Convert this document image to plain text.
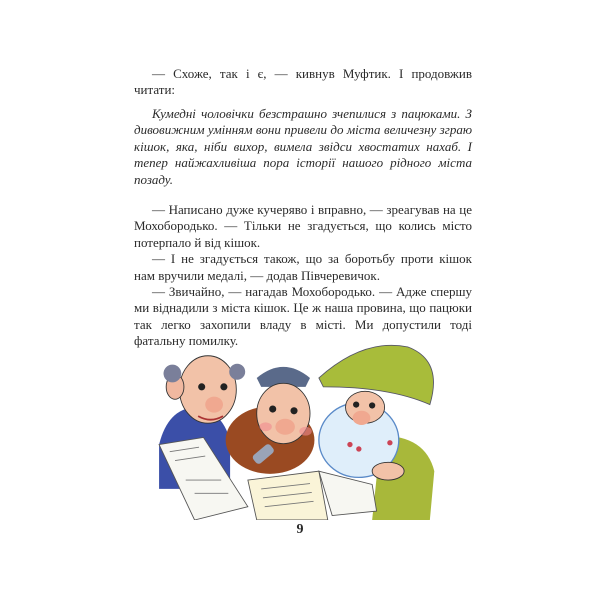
— Схоже, так і є, — кивнув Муфтик. І продовжив читати:

Кумедні чоловічки безстрашно зчепилися з пацюками. З дивовижним умінням вони привели до міста величезну зграю кішок, яка, ніби вихор, вимела звідси хвостатих нахаб. І тепер найжахливіша пора історії нашого рідного міста позаду.

— Написано дуже кучеряво і вправно, — зреагував на це Мохобородько. — Тільки не згадується, що колись місто потерпало й від кішок.

— І не згадується також, що за боротьбу проти кішок нам вручили медалі, — додав Півчеревичок.

— Звичайно, — нагадав Мохобородько. — Адже спершу ми віднадили з міста кішок. Це ж наша провина, що пацюки так легко захопили владу в місті. Ми допустили тоді фатальну помилку.

9
